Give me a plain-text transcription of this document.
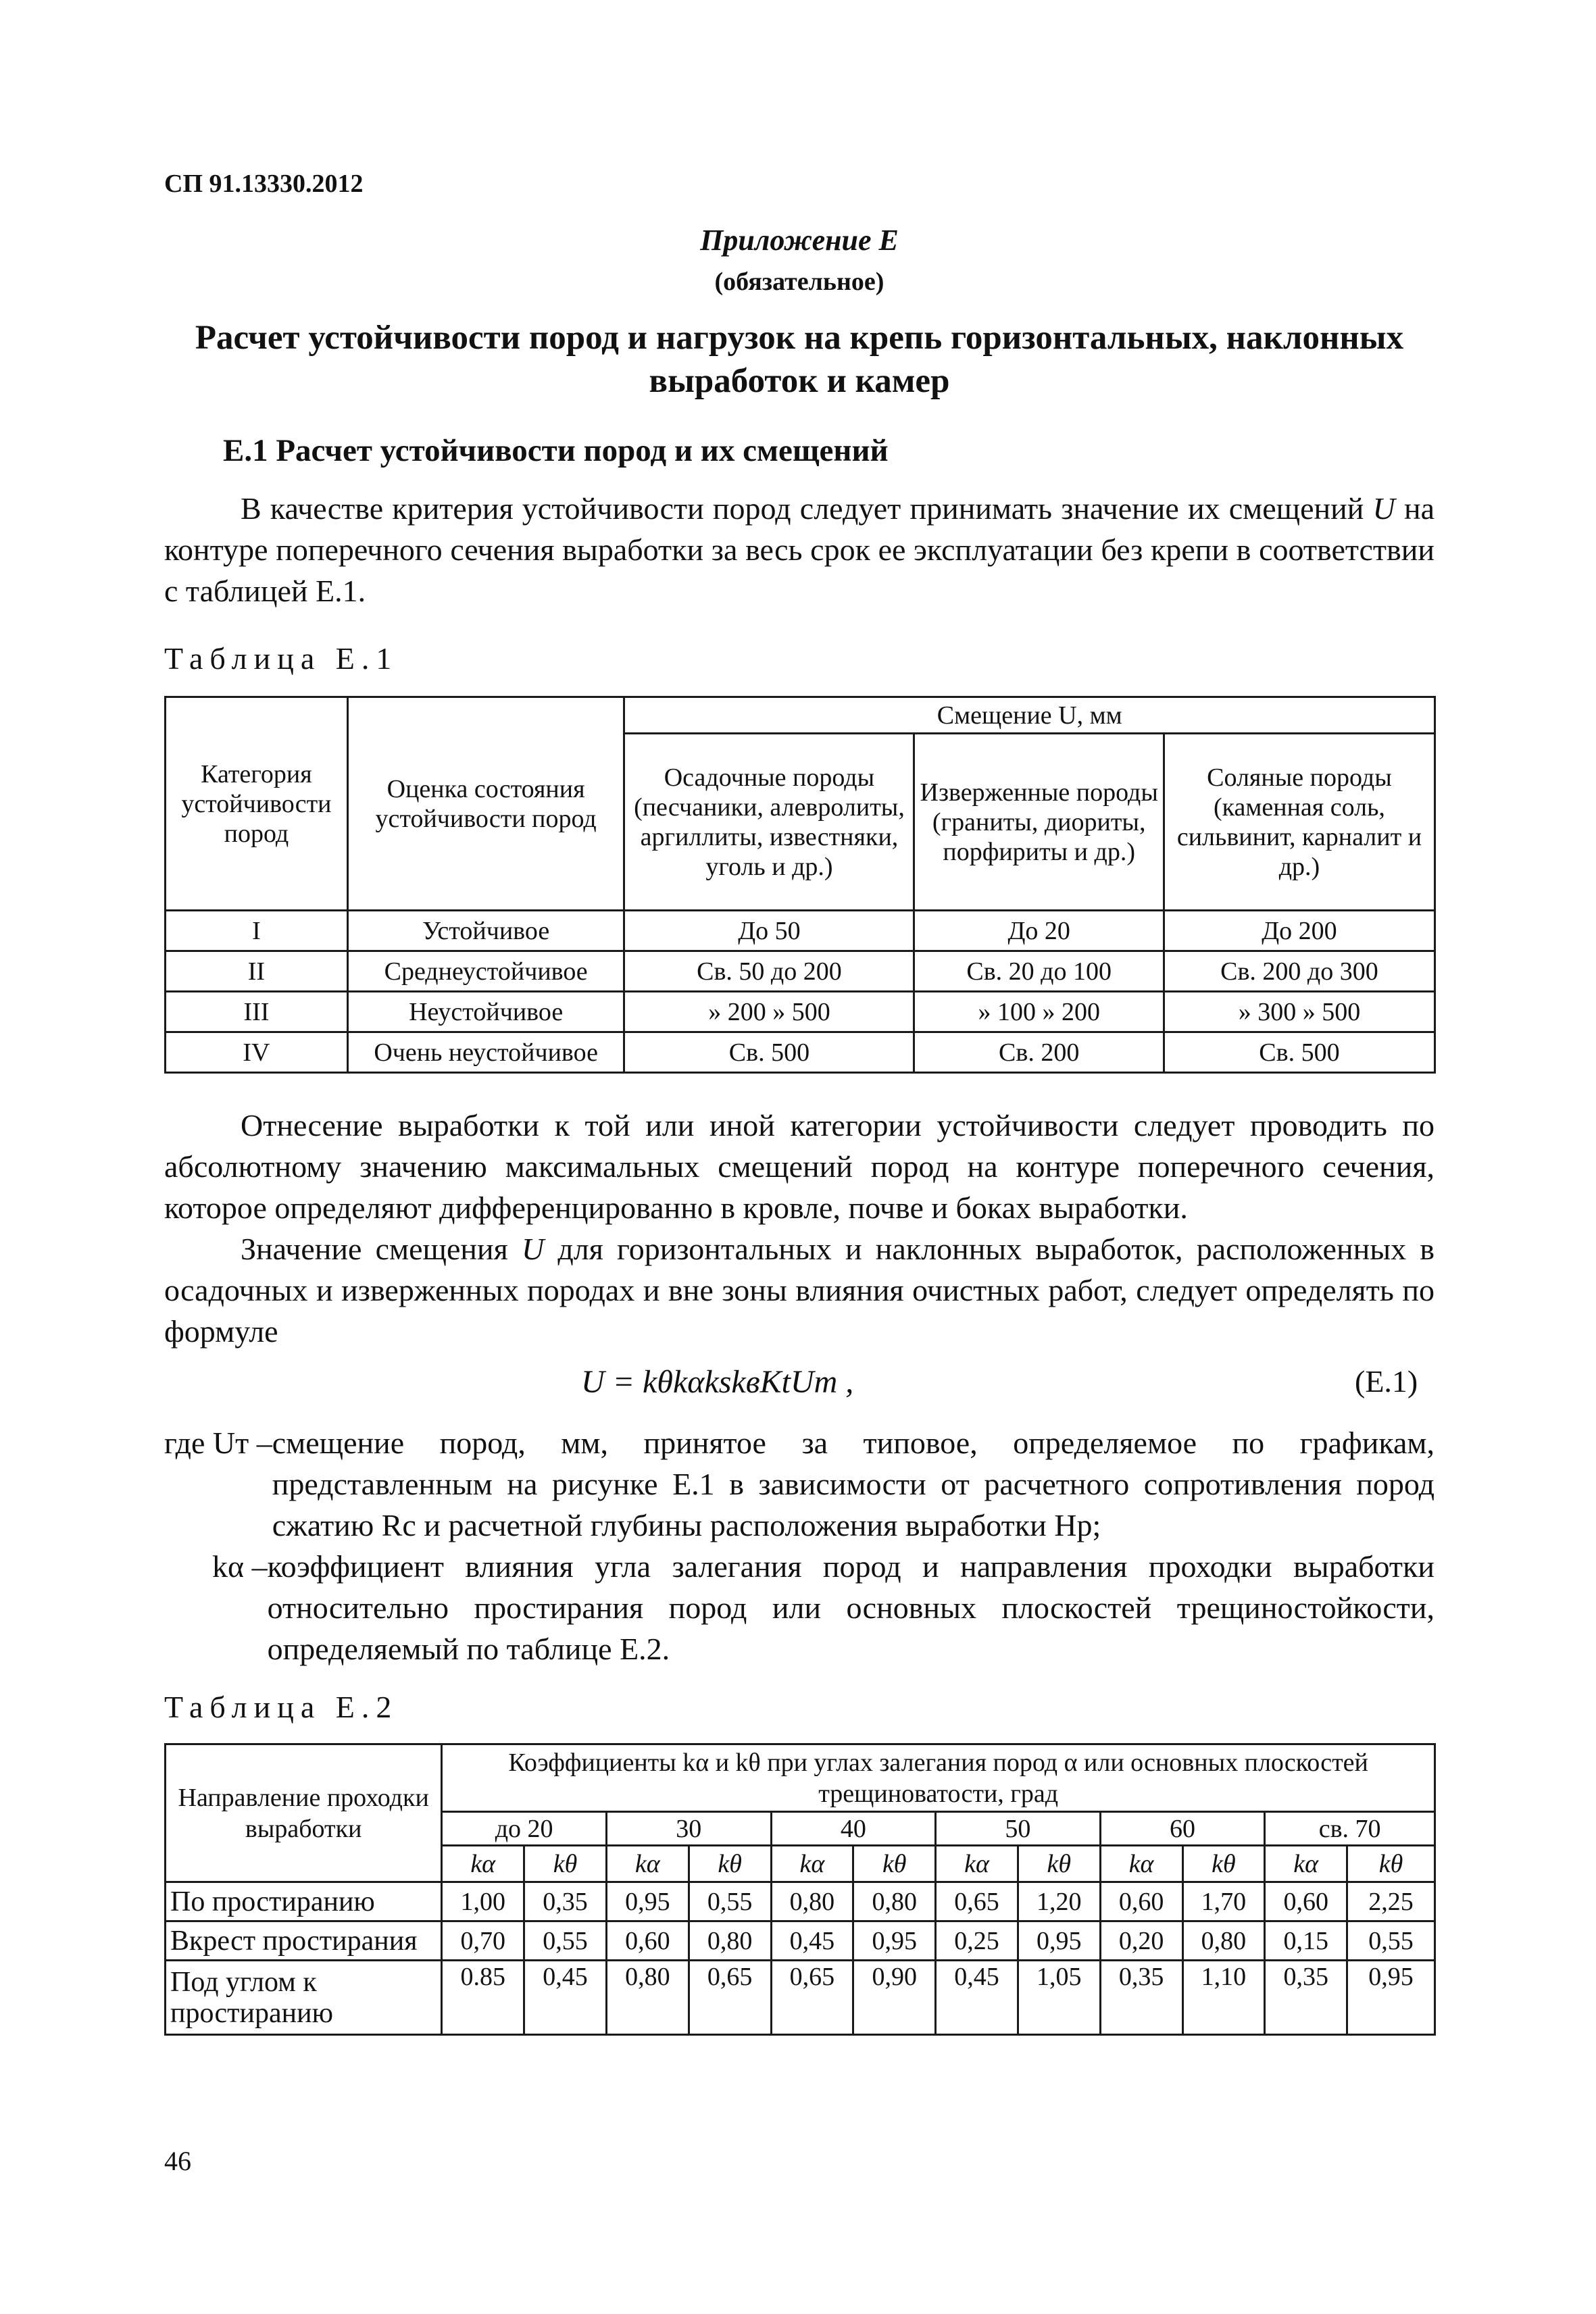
СП 91.13330.2012
Приложение Е
(обязательное)
Расчет устойчивости пород и нагрузок на крепь горизонтальных, наклонных выработок и камер
Е.1 Расчет устойчивости пород и их смещений
В качестве критерия устойчивости пород следует принимать значение их смещений U на контуре поперечного сечения выработки за весь срок ее эксплуатации без крепи в соответствии с таблицей Е.1.
Таблица Е.1
Категория устойчивости пород	Оценка состояния устойчивости пород	Смещение U, мм		
		Осадочные породы (песчаники, алевролиты, аргиллиты, известняки, уголь и др.)	Изверженные породы (граниты, диориты, порфириты и др.)	Соляные породы (каменная соль, сильвинит, карналит и др.)
I	Устойчивое	До 50	До 20	До 200
II	Среднеустойчивое	Св. 50 до 200	Св. 20 до 100	Св. 200 до 300
III	Неустойчивое	» 200 » 500	» 100 » 200	» 300 » 500
IV	Очень неустойчивое	Св. 500	Св. 200	Св. 500
Отнесение выработки к той или иной категории устойчивости следует проводить по абсолютному значению максимальных смещений пород на контуре поперечного сечения, которое определяют дифференцированно в кровле, почве и боках выработки.
Значение смещения U для горизонтальных и наклонных выработок, расположенных в осадочных и изверженных породах и вне зоны влияния очистных работ, следует определять по формуле
U = kθkαkskвKtUт ,	(Е.1)
где Uт – смещение пород, мм, принятое за типовое, определяемое по графикам, представленным на рисунке Е.1 в зависимости от расчетного сопротивления пород сжатию Rс и расчетной глубины расположения выработки Hр;
kα – коэффициент влияния угла залегания пород и направления проходки выработки относительно простирания пород или основных плоскостей трещиностойкости, определяемый по таблице Е.2.
Таблица Е.2
Направление проходки выработки	Коэффициенты kα и kθ при углах залегания пород α или основных плоскостей трещиноватости, град											
	до 20		30		40		50		60		св. 70	
	kα	kθ	kα	kθ	kα	kθ	kα	kθ	kα	kθ	kα	kθ
По простиранию	1,00	0,35	0,95	0,55	0,80	0,80	0,65	1,20	0,60	1,70	0,60	2,25
Вкрест простирания	0,70	0,55	0,60	0,80	0,45	0,95	0,25	0,95	0,20	0,80	0,15	0,55
Под углом к простиранию	0.85	0,45	0,80	0,65	0,65	0,90	0,45	1,05	0,35	1,10	0,35	0,95
46
